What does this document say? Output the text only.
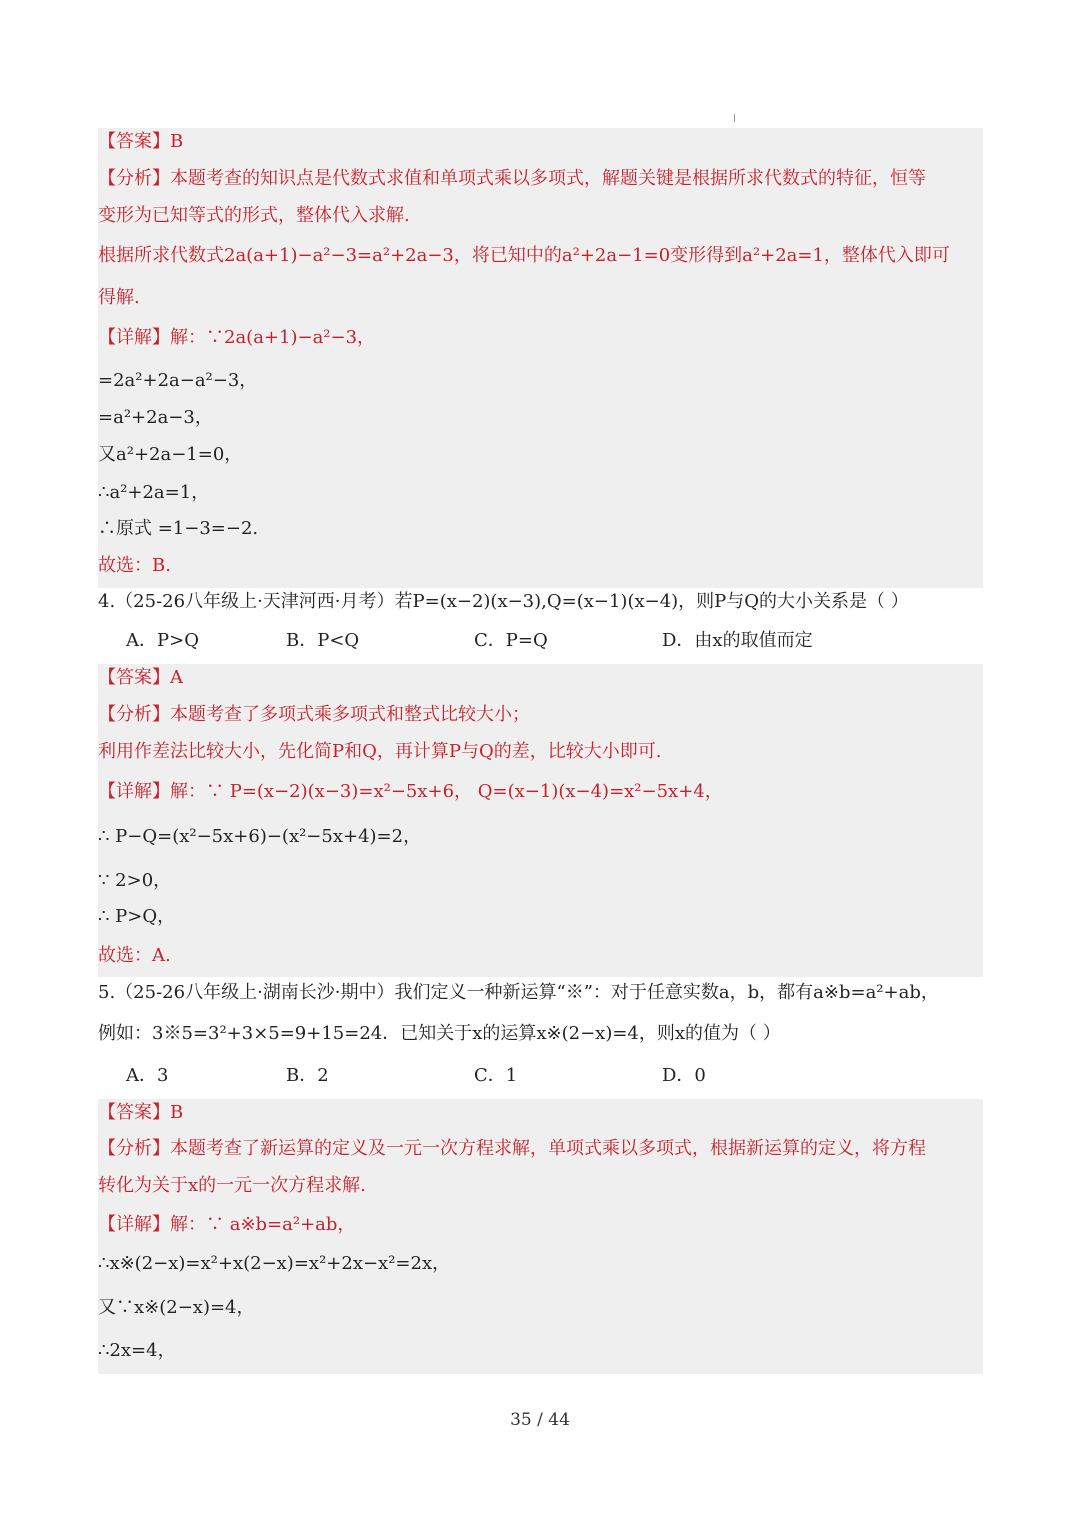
【答案】B
【分析】本题考查的知识点是代数式求值和单项式乘以多项式，解题关键是根据所求代数式的特征，恒等
变形为已知等式的形式，整体代入求解.
根据所求代数式2a(a+1)−a²−3=a²+2a−3，将已知中的a²+2a−1=0变形得到a²+2a=1，整体代入即可
得解.
【详解】解：∵2a(a+1)−a²−3，
=2a²+2a−a²−3，
=a²+2a−3，
又a²+2a−1=0，
∴a²+2a=1，
∴原式 =1−3=−2.
故选：B.
4.（25-26八年级上·天津河西·月考）若P=(x−2)(x−3),Q=(x−1)(x−4)，则P与Q的大小关系是（ ）
A．P>Q	B．P<Q	C．P=Q	D．由x的取值而定
【答案】A
【分析】本题考查了多项式乘多项式和整式比较大小；
利用作差法比较大小，先化简P和Q，再计算P与Q的差，比较大小即可.
【详解】解：∵ P=(x−2)(x−3)=x²−5x+6， Q=(x−1)(x−4)=x²−5x+4，
∴ P−Q=(x²−5x+6)−(x²−5x+4)=2，
∵ 2>0，
∴ P>Q，
故选：A.
5.（25-26八年级上·湖南长沙·期中）我们定义一种新运算“※”：对于任意实数a，b，都有a※b=a²+ab，
例如：3※5=3²+3×5=9+15=24．已知关于x的运算x※(2−x)=4，则x的值为（ ）
A．3	B．2	C．1	D．0
【答案】B
【分析】本题考查了新运算的定义及一元一次方程求解，单项式乘以多项式，根据新运算的定义，将方程
转化为关于x的一元一次方程求解.
【详解】解：∵ a※b=a²+ab，
∴x※(2−x)=x²+x(2−x)=x²+2x−x²=2x，
又∵x※(2−x)=4，
∴2x=4，
35 / 44
